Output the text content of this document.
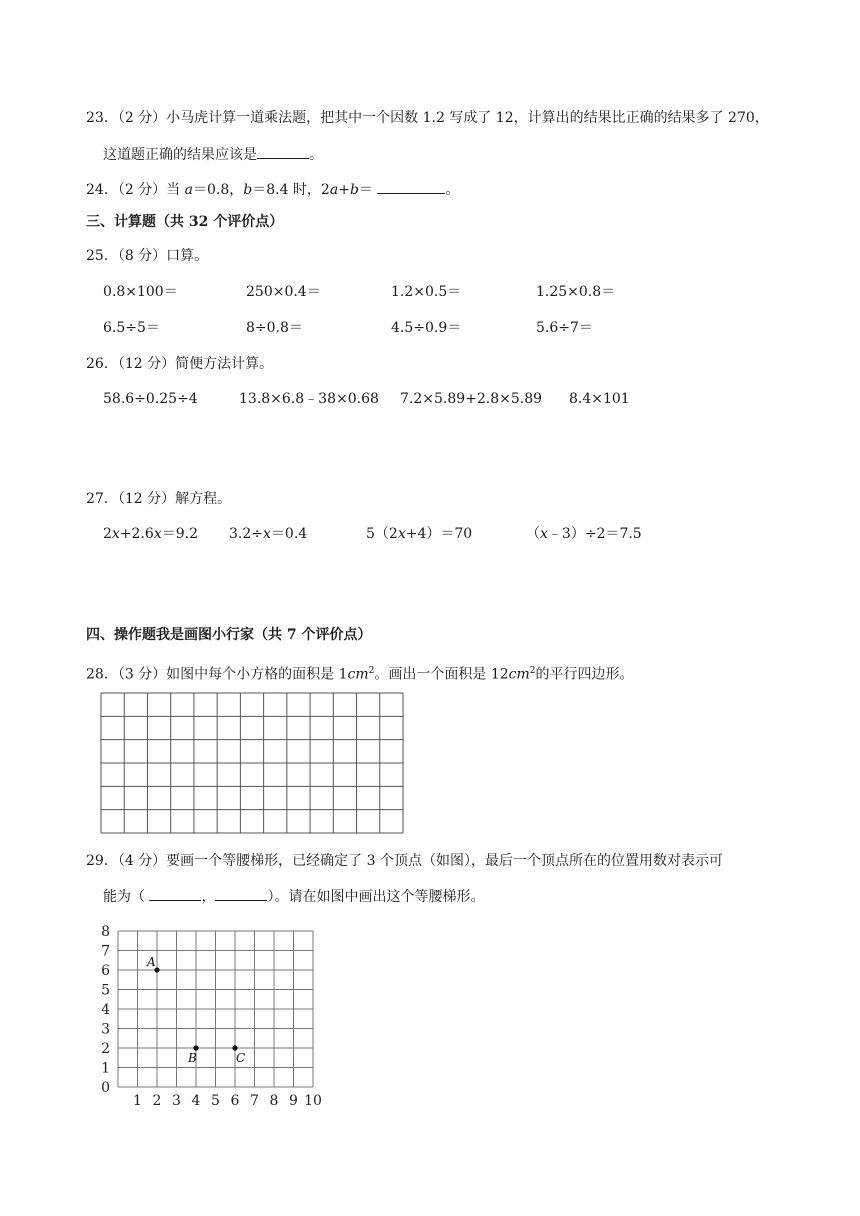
23．（2 分）小马虎计算一道乘法题，把其中一个因数 1.2 写成了 12，计算出的结果比正确的结果多了 270，
这道题正确的结果应该是	。
24．（2 分）当 a＝0.8，b＝8.4 时，2a+b＝	。
三、计算题（共 32 个评价点）
25．（8 分）口算。
0.8×100＝	250×0.4＝	1.2×0.5＝	1.25×0.8＝
6.5÷5＝	8÷0.8＝	4.5÷0.9＝	5.6÷7＝
26．（12 分）简便方法计算。
58.6÷0.25÷4	13.8×6.8﹣38×0.68 7.2×5.89+2.8×5.89 8.4×101
27．（12 分）解方程。
2x+2.6x＝9.2 3.2÷x＝0.4	5（2x+4）＝70	（x﹣3）÷2＝7.5
四、操作题我是画图小行家（共 7 个评价点）
28．（3 分）如图中每个小方格的面积是 $1cm^2$。画出一个面积是 $12cm^2$的平行四边形。
29．（4 分）要画一个等腰梯形，已经确定了 3 个顶点（如图），最后一个顶点所在的位置用数对表示可
能为（	，	）。请在如图中画出这个等腰梯形。
0
1
2
3
4
5
6
7
8
1 2 3 4 5 6 7 8 9 10
A
B	C
